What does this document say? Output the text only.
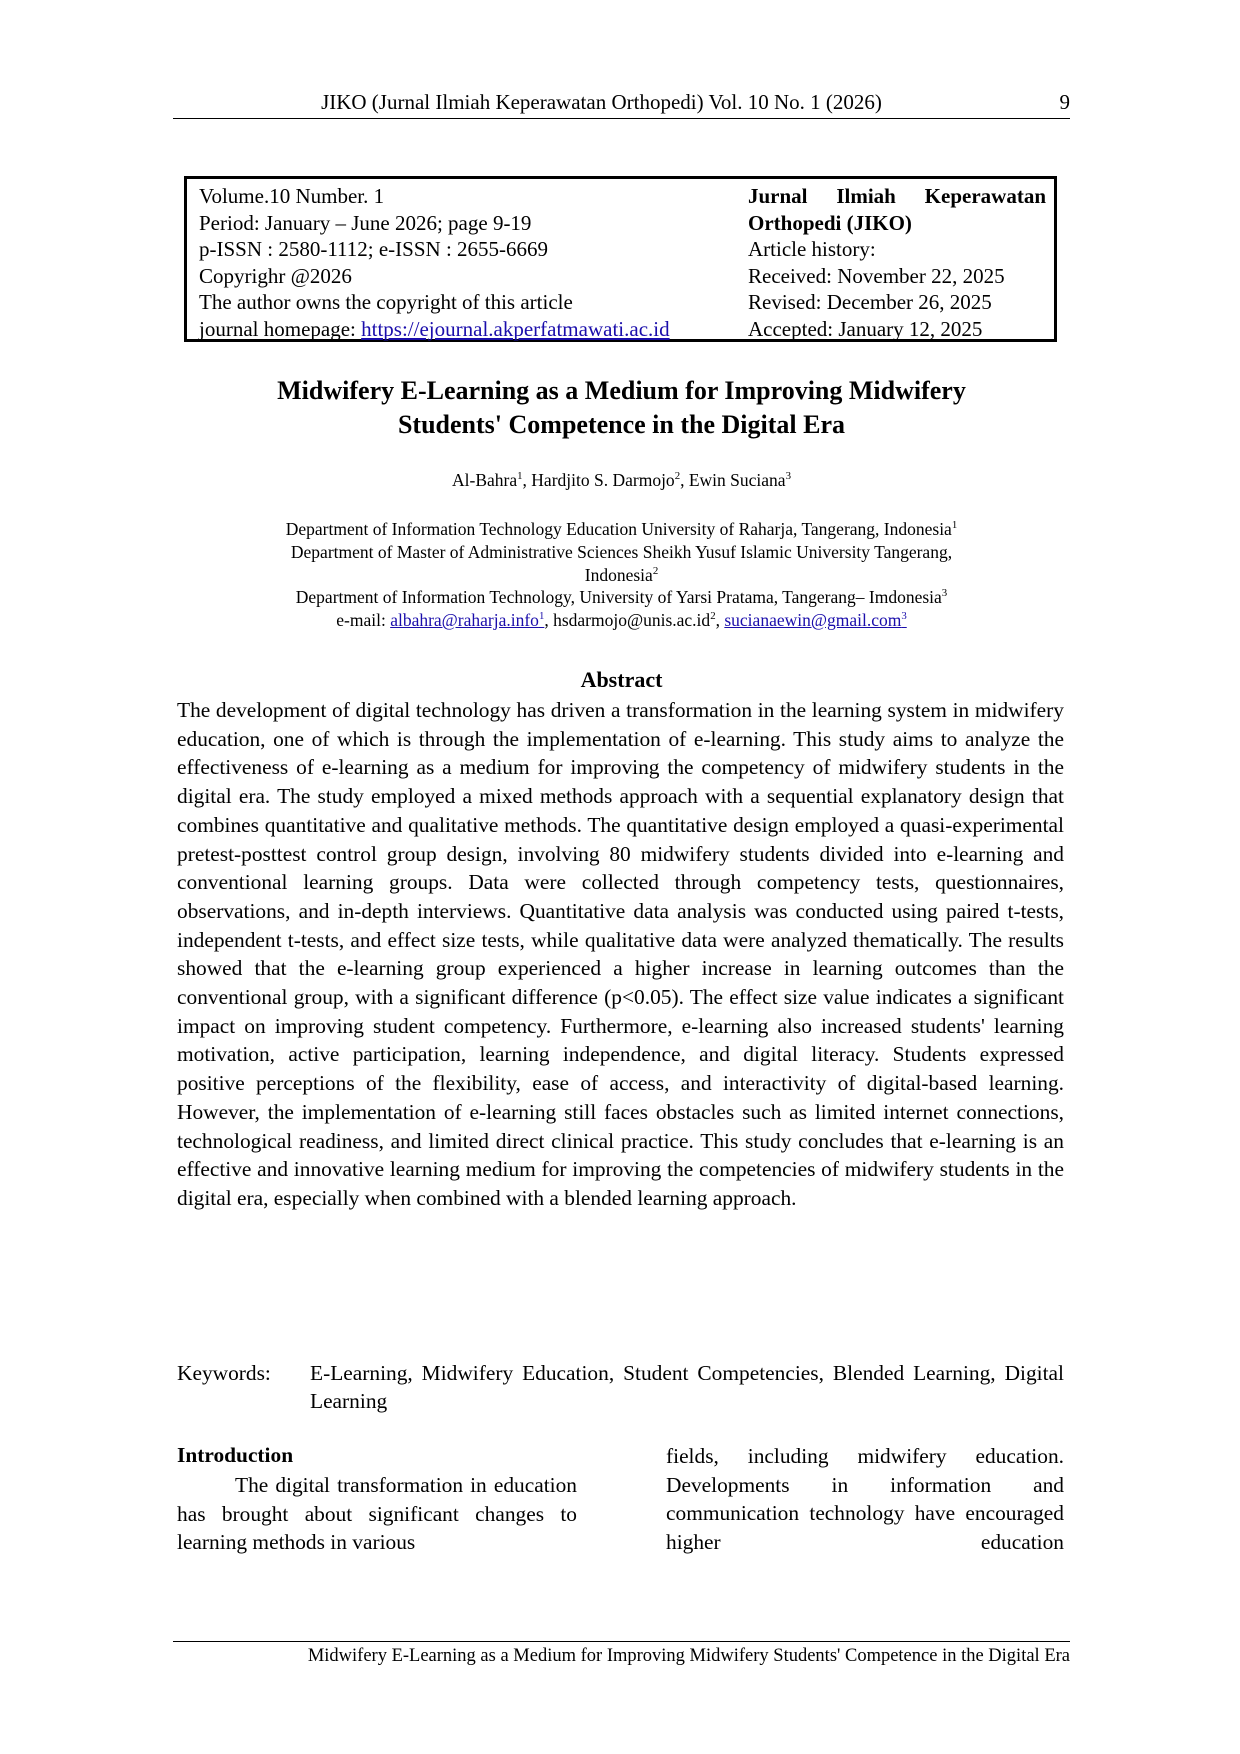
JIKO (Jurnal Ilmiah Keperawatan Orthopedi) Vol. 10 No. 1 (2026)	9
Volume.10 Number. 1
Period: January – June 2026; page 9-19
p-ISSN : 2580-1112; e-ISSN : 2655-6669
Copyrighr @2026
The author owns the copyright of this article
journal homepage: https://ejournal.akperfatmawati.ac.id
Jurnal Ilmiah Keperawatan
Orthopedi (JIKO)
Article history:
Received: November 22, 2025
Revised: December 26, 2025
Accepted: January 12, 2025
Midwifery E-Learning as a Medium for Improving Midwifery
Students' Competence in the Digital Era
Al-Bahra$^1$, Hardjito S. Darmojo$^2$, Ewin Suciana$^3$
Department of Information Technology Education University of Raharja, Tangerang, Indonesia$^1$
Department of Master of Administrative Sciences Sheikh Yusuf Islamic University Tangerang,
Indonesia$^2$
Department of Information Technology, University of Yarsi Pratama, Tangerang– Imdonesia$^3$
e-mail: albahra@raharja.info$^1$, $hsdarmojo@unis.ac.id^2$, sucianaewin@gmail.com$^3$
Abstract

The development of digital technology has driven a transformation in the learning system in midwifery education, one of which is through the implementation of e-learning. This study aims to analyze the effectiveness of e-learning as a medium for improving the competency of midwifery students in the digital era. The study employed a mixed methods approach with a sequential explanatory design that combines quantitative and qualitative methods. The quantitative design employed a quasi-experimental pretest-posttest control group design, involving 80 midwifery students divided into e-learning and conventional learning groups. Data were collected through competency tests, questionnaires, observations, and in-depth interviews. Quantitative data analysis was conducted using paired t-tests, independent t-tests, and effect size tests, while qualitative data were analyzed thematically. The results showed that the e-learning group experienced a higher increase in learning outcomes than the conventional group, with a significant difference (p<0.05). The effect size value indicates a significant impact on improving student competency. Furthermore, e-learning also increased students' learning motivation, active participation, learning independence, and digital literacy. Students expressed positive perceptions of the flexibility, ease of access, and interactivity of digital-based learning. However, the implementation of e-learning still faces obstacles such as limited internet connections, technological readiness, and limited direct clinical practice. This study concludes that e-learning is an effective and innovative learning medium for improving the competencies of midwifery students in the digital era, especially when combined with a blended learning approach.

Keywords: E-Learning, Midwifery Education, Student Competencies, Blended Learning, Digital Learning
Introduction

The digital transformation in education has brought about significant changes to learning methods in various

fields, including midwifery education. Developments in information and communication technology have encouraged higher education

Midwifery E-Learning as a Medium for Improving Midwifery Students' Competence in the Digital Era
